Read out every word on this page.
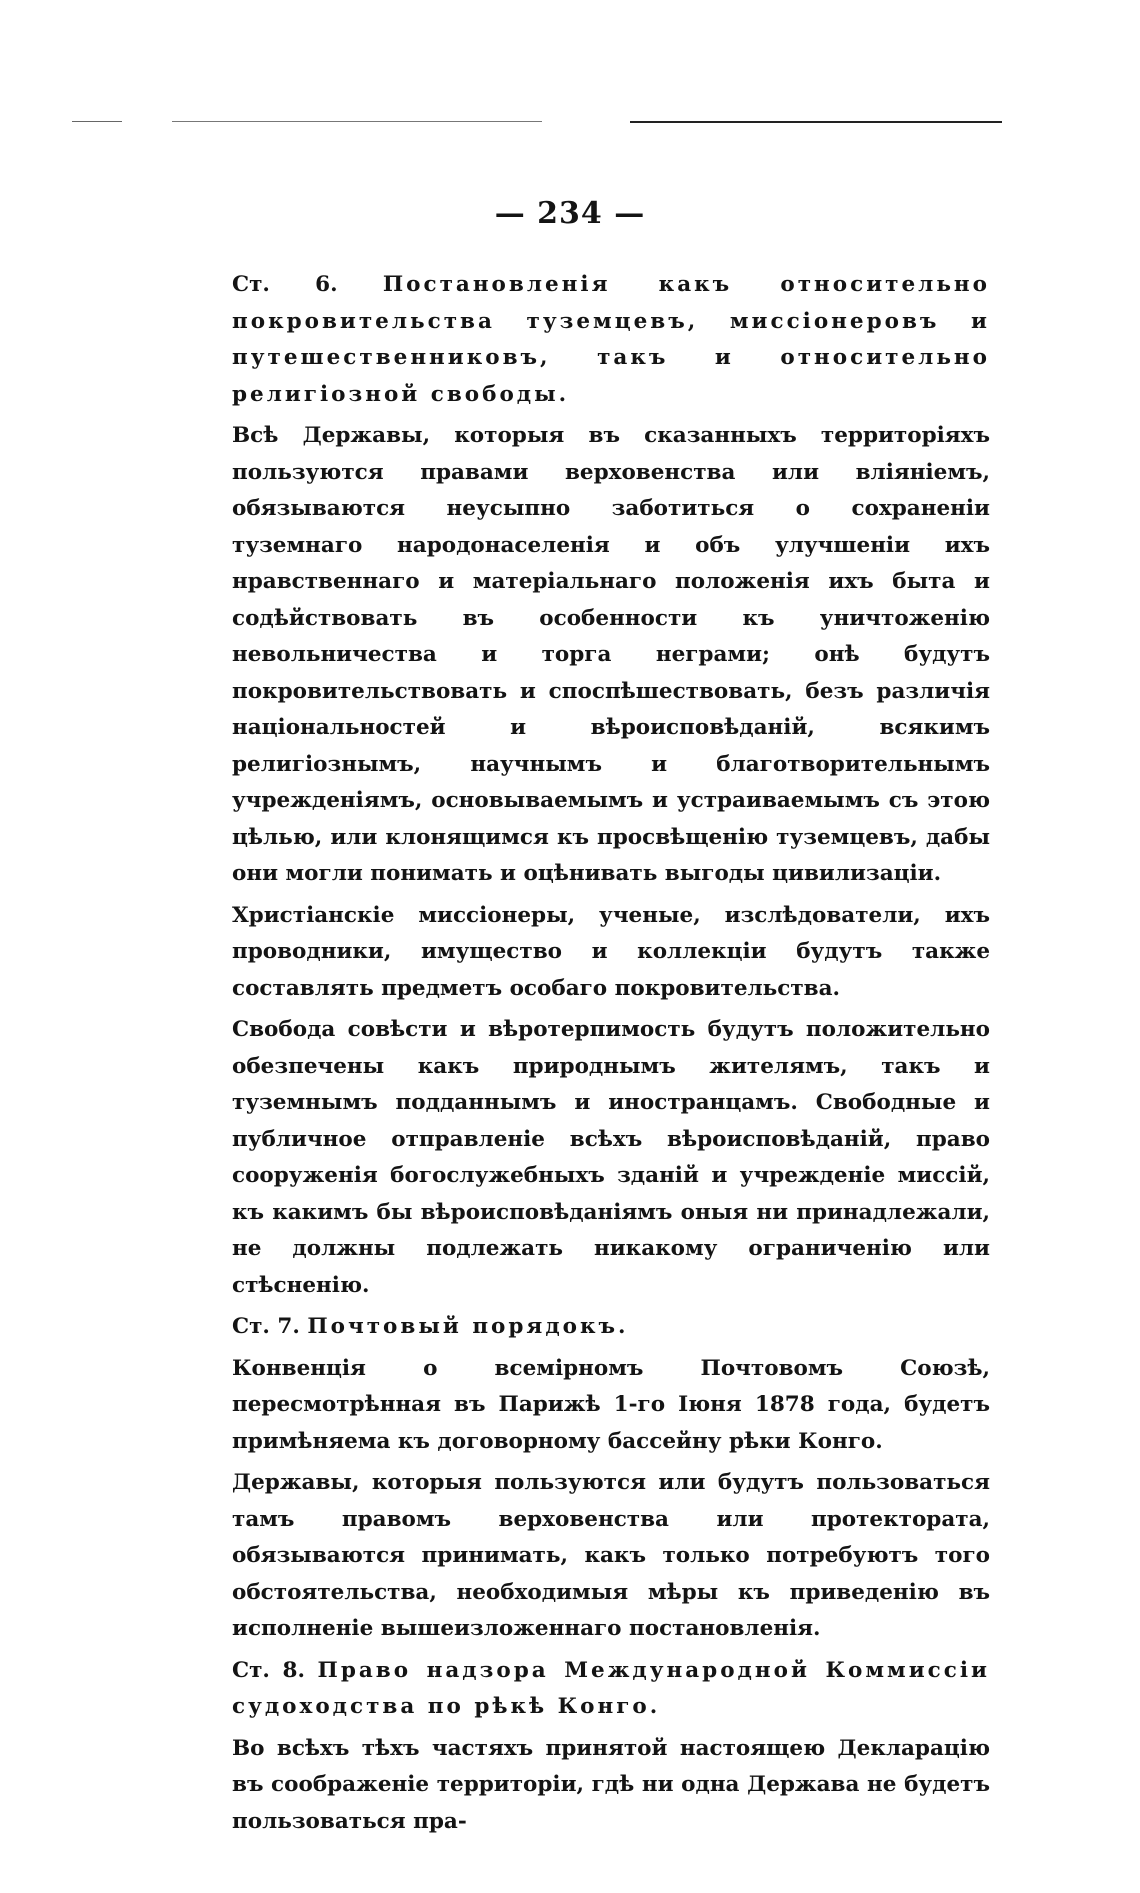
— 234 —

Ст. 6. Постановленія какъ относительно покровительства туземцевъ, миссіонеровъ и путешественниковъ, такъ и относительно религіозной свободы.

Всѣ Державы, которыя въ сказанныхъ территоріяхъ пользуются правами верховенства или вліяніемъ, обязываются неусыпно заботиться о сохраненіи туземнаго народонаселенія и объ улучшеніи ихъ нравственнаго и матеріальнаго положенія ихъ быта и содѣйствовать въ особенности къ уничтоженію невольничества и торга неграми; онѣ будутъ покровительствовать и споспѣшествовать, безъ различія національностей и вѣроисповѣданій, всякимъ религіознымъ, научнымъ и благотворительнымъ учрежденіямъ, основываемымъ и устраиваемымъ съ этою цѣлью, или клонящимся къ просвѣщенію туземцевъ, дабы они могли понимать и оцѣнивать выгоды цивилизаціи.

Христіанскіе миссіонеры, ученые, изслѣдователи, ихъ проводники, имущество и коллекціи будутъ также составлять предметъ особаго покровительства.

Свобода совѣсти и вѣротерпимость будутъ положительно обезпечены какъ природнымъ жителямъ, такъ и туземнымъ подданнымъ и иностранцамъ. Свободные и публичное отправленіе всѣхъ вѣроисповѣданій, право сооруженія богослужебныхъ зданій и учрежденіе миссій, къ какимъ бы вѣроисповѣданіямъ оныя ни принадлежали, не должны подлежать никакому ограниченію или стѣсненію.

Ст. 7. Почтовый порядокъ.

Конвенція о всемірномъ Почтовомъ Союзѣ, пересмотрѣнная въ Парижѣ 1-го Іюня 1878 года, будетъ примѣняема къ договорному бассейну рѣки Конго.

Державы, которыя пользуются или будутъ пользоваться тамъ правомъ верховенства или протектората, обязываются принимать, какъ только потребуютъ того обстоятельства, необходимыя мѣры къ приведенію въ исполненіе вышеизложеннаго постановленія.

Ст. 8. Право надзора Международной Коммиссіи судоходства по рѣкѣ Конго.

Во всѣхъ тѣхъ частяхъ принятой настоящею Декларацію въ соображеніе территоріи, гдѣ ни одна Держава не будетъ пользоваться пра-
